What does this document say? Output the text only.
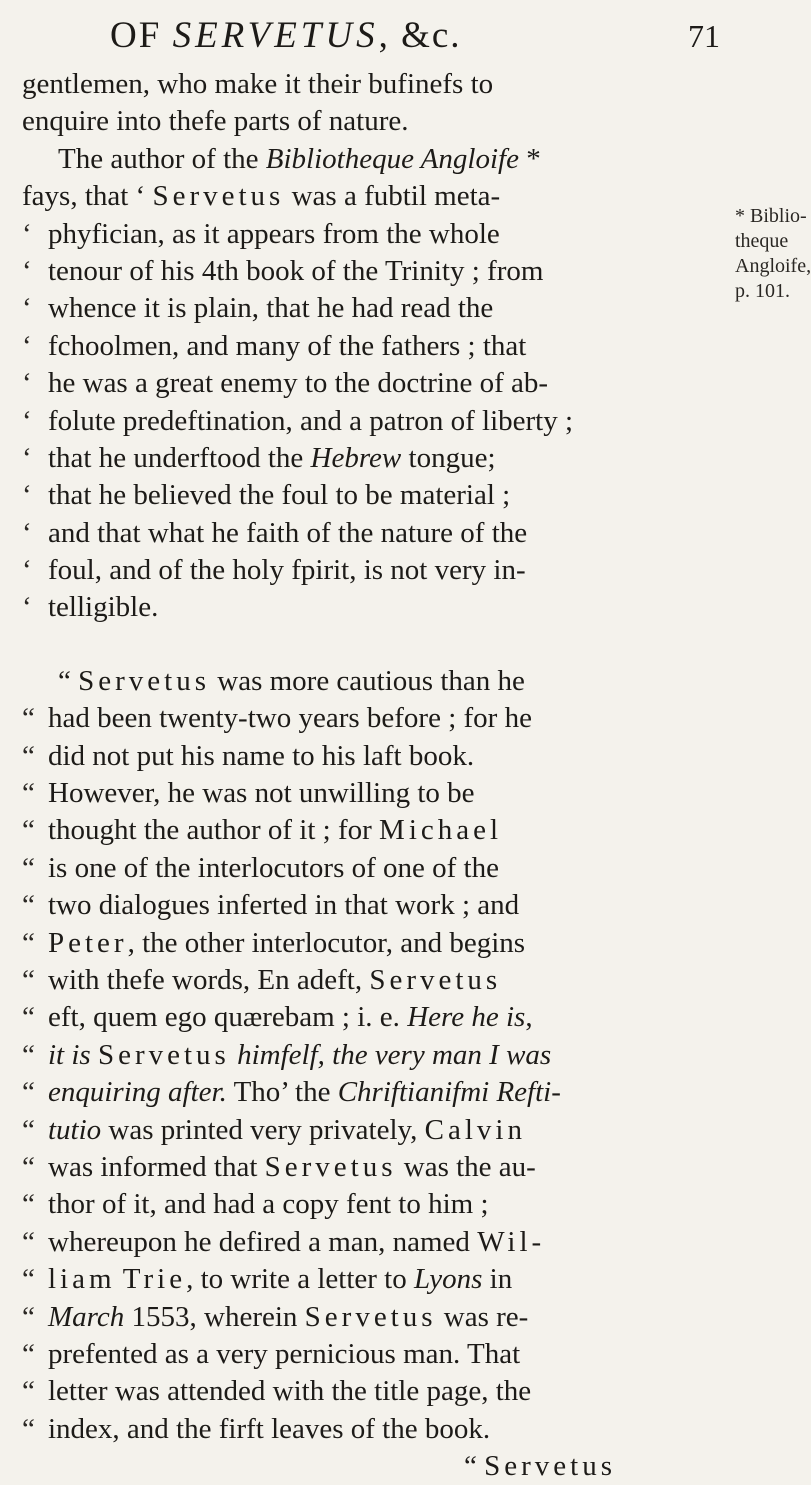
OF SERVETUS, &c.	71
* Biblio-
theque
Angloife,
p. 101.
gentlemen, who make it their bufinefs to
enquire into thefe parts of nature.
The author of the Bibliotheque Angloife *
fays, that ‘ Servetus was a fubtil meta-
‘ phyfician, as it appears from the whole
‘ tenour of his 4th book of the Trinity ; from
‘ whence it is plain, that he had read the
‘ fchoolmen, and many of the fathers ; that
‘ he was a great enemy to the doctrine of ab-
‘ folute predeftination, and a patron of liberty ;
‘ that he underftood the Hebrew tongue;
‘ that he believed the foul to be material ;
‘ and that what he faith of the nature of the
‘ foul, and of the holy fpirit, is not very in-
‘ telligible.
“ Servetus was more cautious than he
“ had been twenty-two years before ; for he
“ did not put his name to his laft book.
“ However, he was not unwilling to be
“ thought the author of it ; for Michael
“ is one of the interlocutors of one of the
“ two dialogues inferted in that work ; and
“ Peter, the other interlocutor, and begins
“ with thefe words, En adeft, Servetus
“ eft, quem ego quærebam ; i. e. Here he is,
“ it is Servetus himfelf, the very man I was
“ enquiring after. Tho’ the Chriftianifmi Refti-
“ tutio was printed very privately, Calvin
“ was informed that Servetus was the au-
“ thor of it, and had a copy fent to him ;
“ whereupon he defired a man, named Wil-
“ liam Trie, to write a letter to Lyons in
“ March 1553, wherein Servetus was re-
“ prefented as a very pernicious man. That
“ letter was attended with the title page, the
“ index, and the firft leaves of the book.
“ Servetus
